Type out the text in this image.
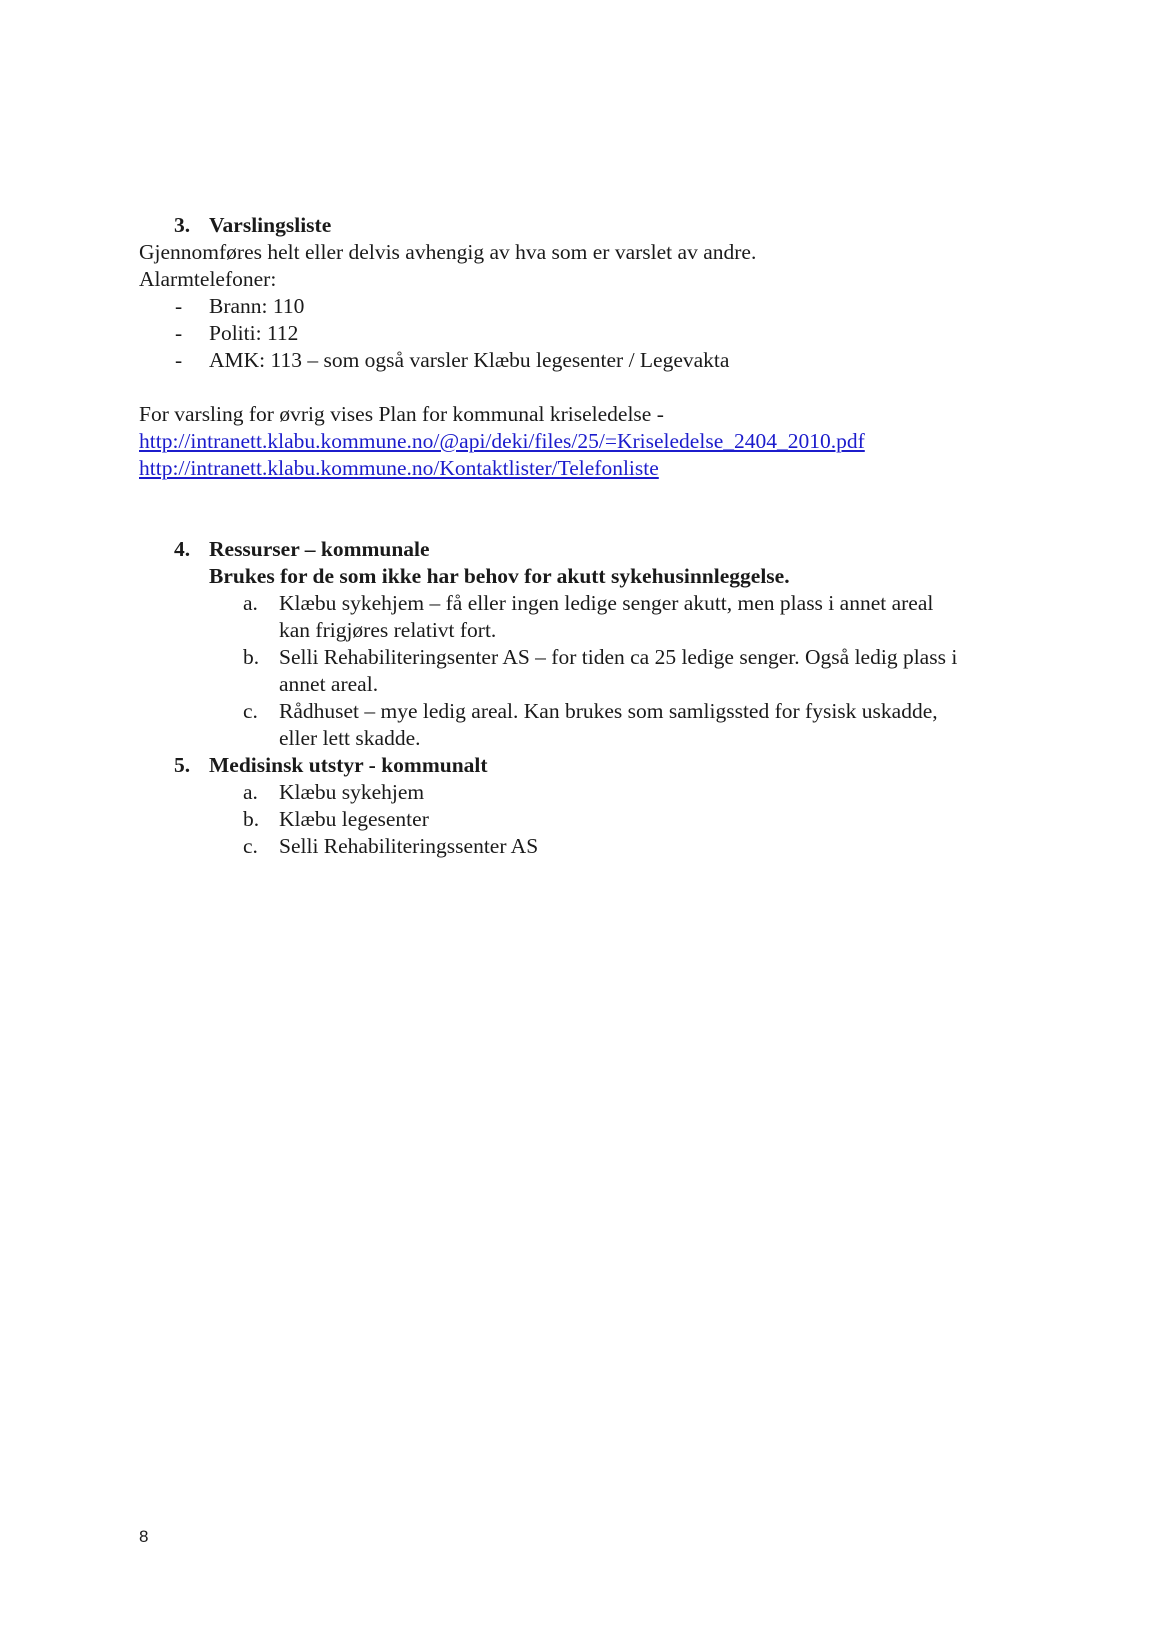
3. Varslingsliste
Gjennomføres helt eller delvis avhengig av hva som er varslet av andre.
Alarmtelefoner:
- Brann: 110
- Politi: 112
- AMK: 113 – som også varsler Klæbu legesenter / Legevakta
For varsling for øvrig vises Plan for kommunal kriseledelse -
http://intranett.klabu.kommune.no/@api/deki/files/25/=Kriseledelse_2404_2010.pdf
http://intranett.klabu.kommune.no/Kontaktlister/Telefonliste
4. Ressurser – kommunale
Brukes for de som ikke har behov for akutt sykehusinnleggelse.
a. Klæbu sykehjem – få eller ingen ledige senger akutt, men plass i annet areal
kan frigjøres relativt fort.
b. Selli Rehabiliteringsenter AS – for tiden ca 25 ledige senger. Også ledig plass i
annet areal.
c. Rådhuset – mye ledig areal. Kan brukes som samligssted for fysisk uskadde,
eller lett skadde.
5. Medisinsk utstyr - kommunalt
a. Klæbu sykehjem
b. Klæbu legesenter
c. Selli Rehabiliteringssenter AS
8
